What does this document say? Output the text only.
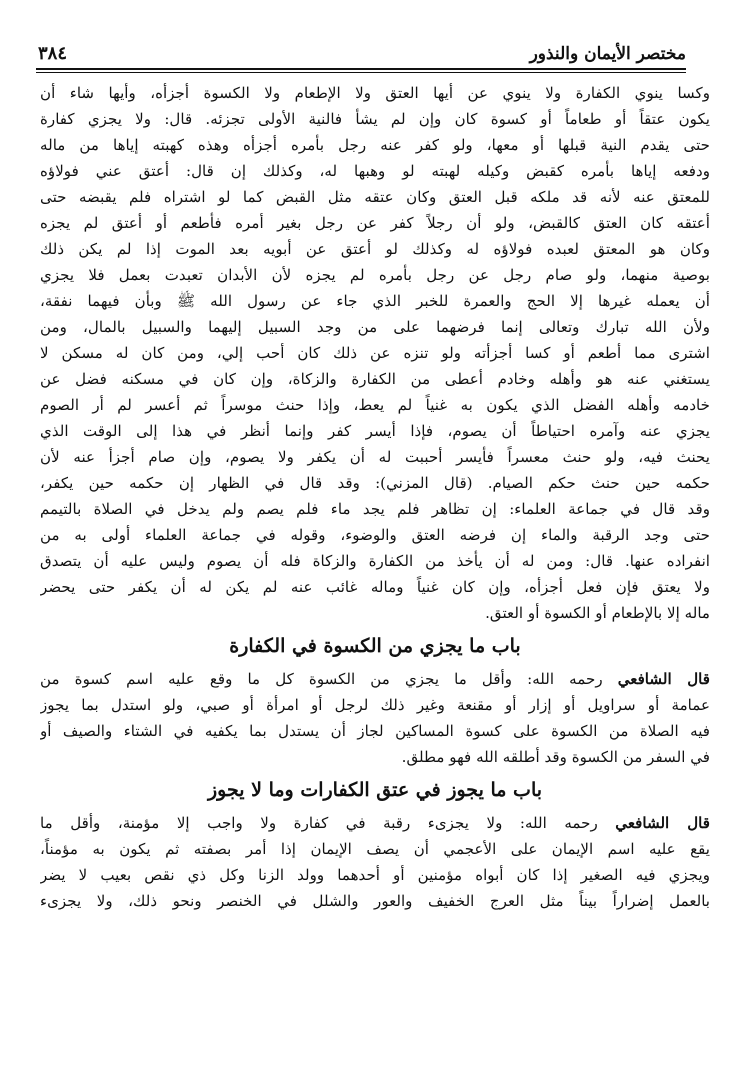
٣٨٤	مختصر الأيمان والنذور
وكسا ينوي الكفارة ولا ينوي عن أيها العتق ولا الإطعام ولا الكسوة أجزأه، وأيها شاء أن
يكون عتقاً أو طعاماً أو كسوة كان وإن لم يشأ فالنية الأولى تجزئه. قال: ولا يجزي كفارة
حتى يقدم النية قبلها أو معها، ولو كفر عنه رجل بأمره أجزأه وهذه كهبته إياها من ماله
ودفعه إياها بأمره كقبض وكيله لهبته لو وهبها له، وكذلك إن قال: أعتق عني فولاؤه
للمعتق عنه لأنه قد ملكه قبل العتق وكان عتقه مثل القبض كما لو اشتراه فلم يقبضه حتى
أعتقه كان العتق كالقبض، ولو أن رجلاً كفر عن رجل بغير أمره فأطعم أو أعتق لم يجزه
وكان هو المعتق لعبده فولاؤه له وكذلك لو أعتق عن أبويه بعد الموت إذا لم يكن ذلك
بوصية منهما، ولو صام رجل عن رجل بأمره لم يجزه لأن الأبدان تعبدت بعمل فلا يجزي
أن يعمله غيرها إلا الحج والعمرة للخبر الذي جاء عن رسول الله ﷺ وبأن فيهما نفقة،
ولأن الله تبارك وتعالى إنما فرضهما على من وجد السبيل إليهما والسبيل بالمال، ومن
اشترى مما أطعم أو كسا أجزأته ولو تنزه عن ذلك كان أحب إلي، ومن كان له مسكن لا
يستغني عنه هو وأهله وخادم أعطى من الكفارة والزكاة، وإن كان في مسكنه فضل عن
خادمه وأهله الفضل الذي يكون به غنياً لم يعط، وإذا حنث موسراً ثم أعسر لم أر الصوم
يجزي عنه وآمره احتياطاً أن يصوم، فإذا أيسر كفر وإنما أنظر في هذا إلى الوقت الذي
يحنث فيه، ولو حنث معسراً فأيسر أحببت له أن يكفر ولا يصوم، وإن صام أجزأ عنه لأن
حكمه حين حنث حكم الصيام. (قال المزني): وقد قال في الظهار إن حكمه حين يكفر،
وقد قال في جماعة العلماء: إن تظاهر فلم يجد ماء فلم يصم ولم يدخل في الصلاة بالتيمم
حتى وجد الرقبة والماء إن فرضه العتق والوضوء، وقوله في جماعة العلماء أولى به من
انفراده عنها. قال: ومن له أن يأخذ من الكفارة والزكاة فله أن يصوم وليس عليه أن يتصدق
ولا يعتق فإن فعل أجزأه، وإن كان غنياً وماله غائب عنه لم يكن له أن يكفر حتى يحضر
ماله إلا بالإطعام أو الكسوة أو العتق.
باب ما يجزي من الكسوة في الكفارة
قال الشافعي رحمه الله: وأقل ما يجزي من الكسوة كل ما وقع عليه اسم كسوة من
عمامة أو سراويل أو إزار أو مقنعة وغير ذلك لرجل أو امرأة أو صبي، ولو استدل بما يجوز
فيه الصلاة من الكسوة على كسوة المساكين لجاز أن يستدل بما يكفيه في الشتاء والصيف أو
في السفر من الكسوة وقد أطلقه الله فهو مطلق.
باب ما يجوز في عتق الكفارات وما لا يجوز
قال الشافعي رحمه الله: ولا يجزىء رقبة في كفارة ولا واجب إلا مؤمنة، وأقل ما
يقع عليه اسم الإيمان على الأعجمي أن يصف الإيمان إذا أمر بصفته ثم يكون به مؤمناً،
ويجزي فيه الصغير إذا كان أبواه مؤمنين أو أحدهما وولد الزنا وكل ذي نقص بعيب لا يضر
بالعمل إضراراً بيناً مثل العرج الخفيف والعور والشلل في الخنصر ونحو ذلك، ولا يجزىء
